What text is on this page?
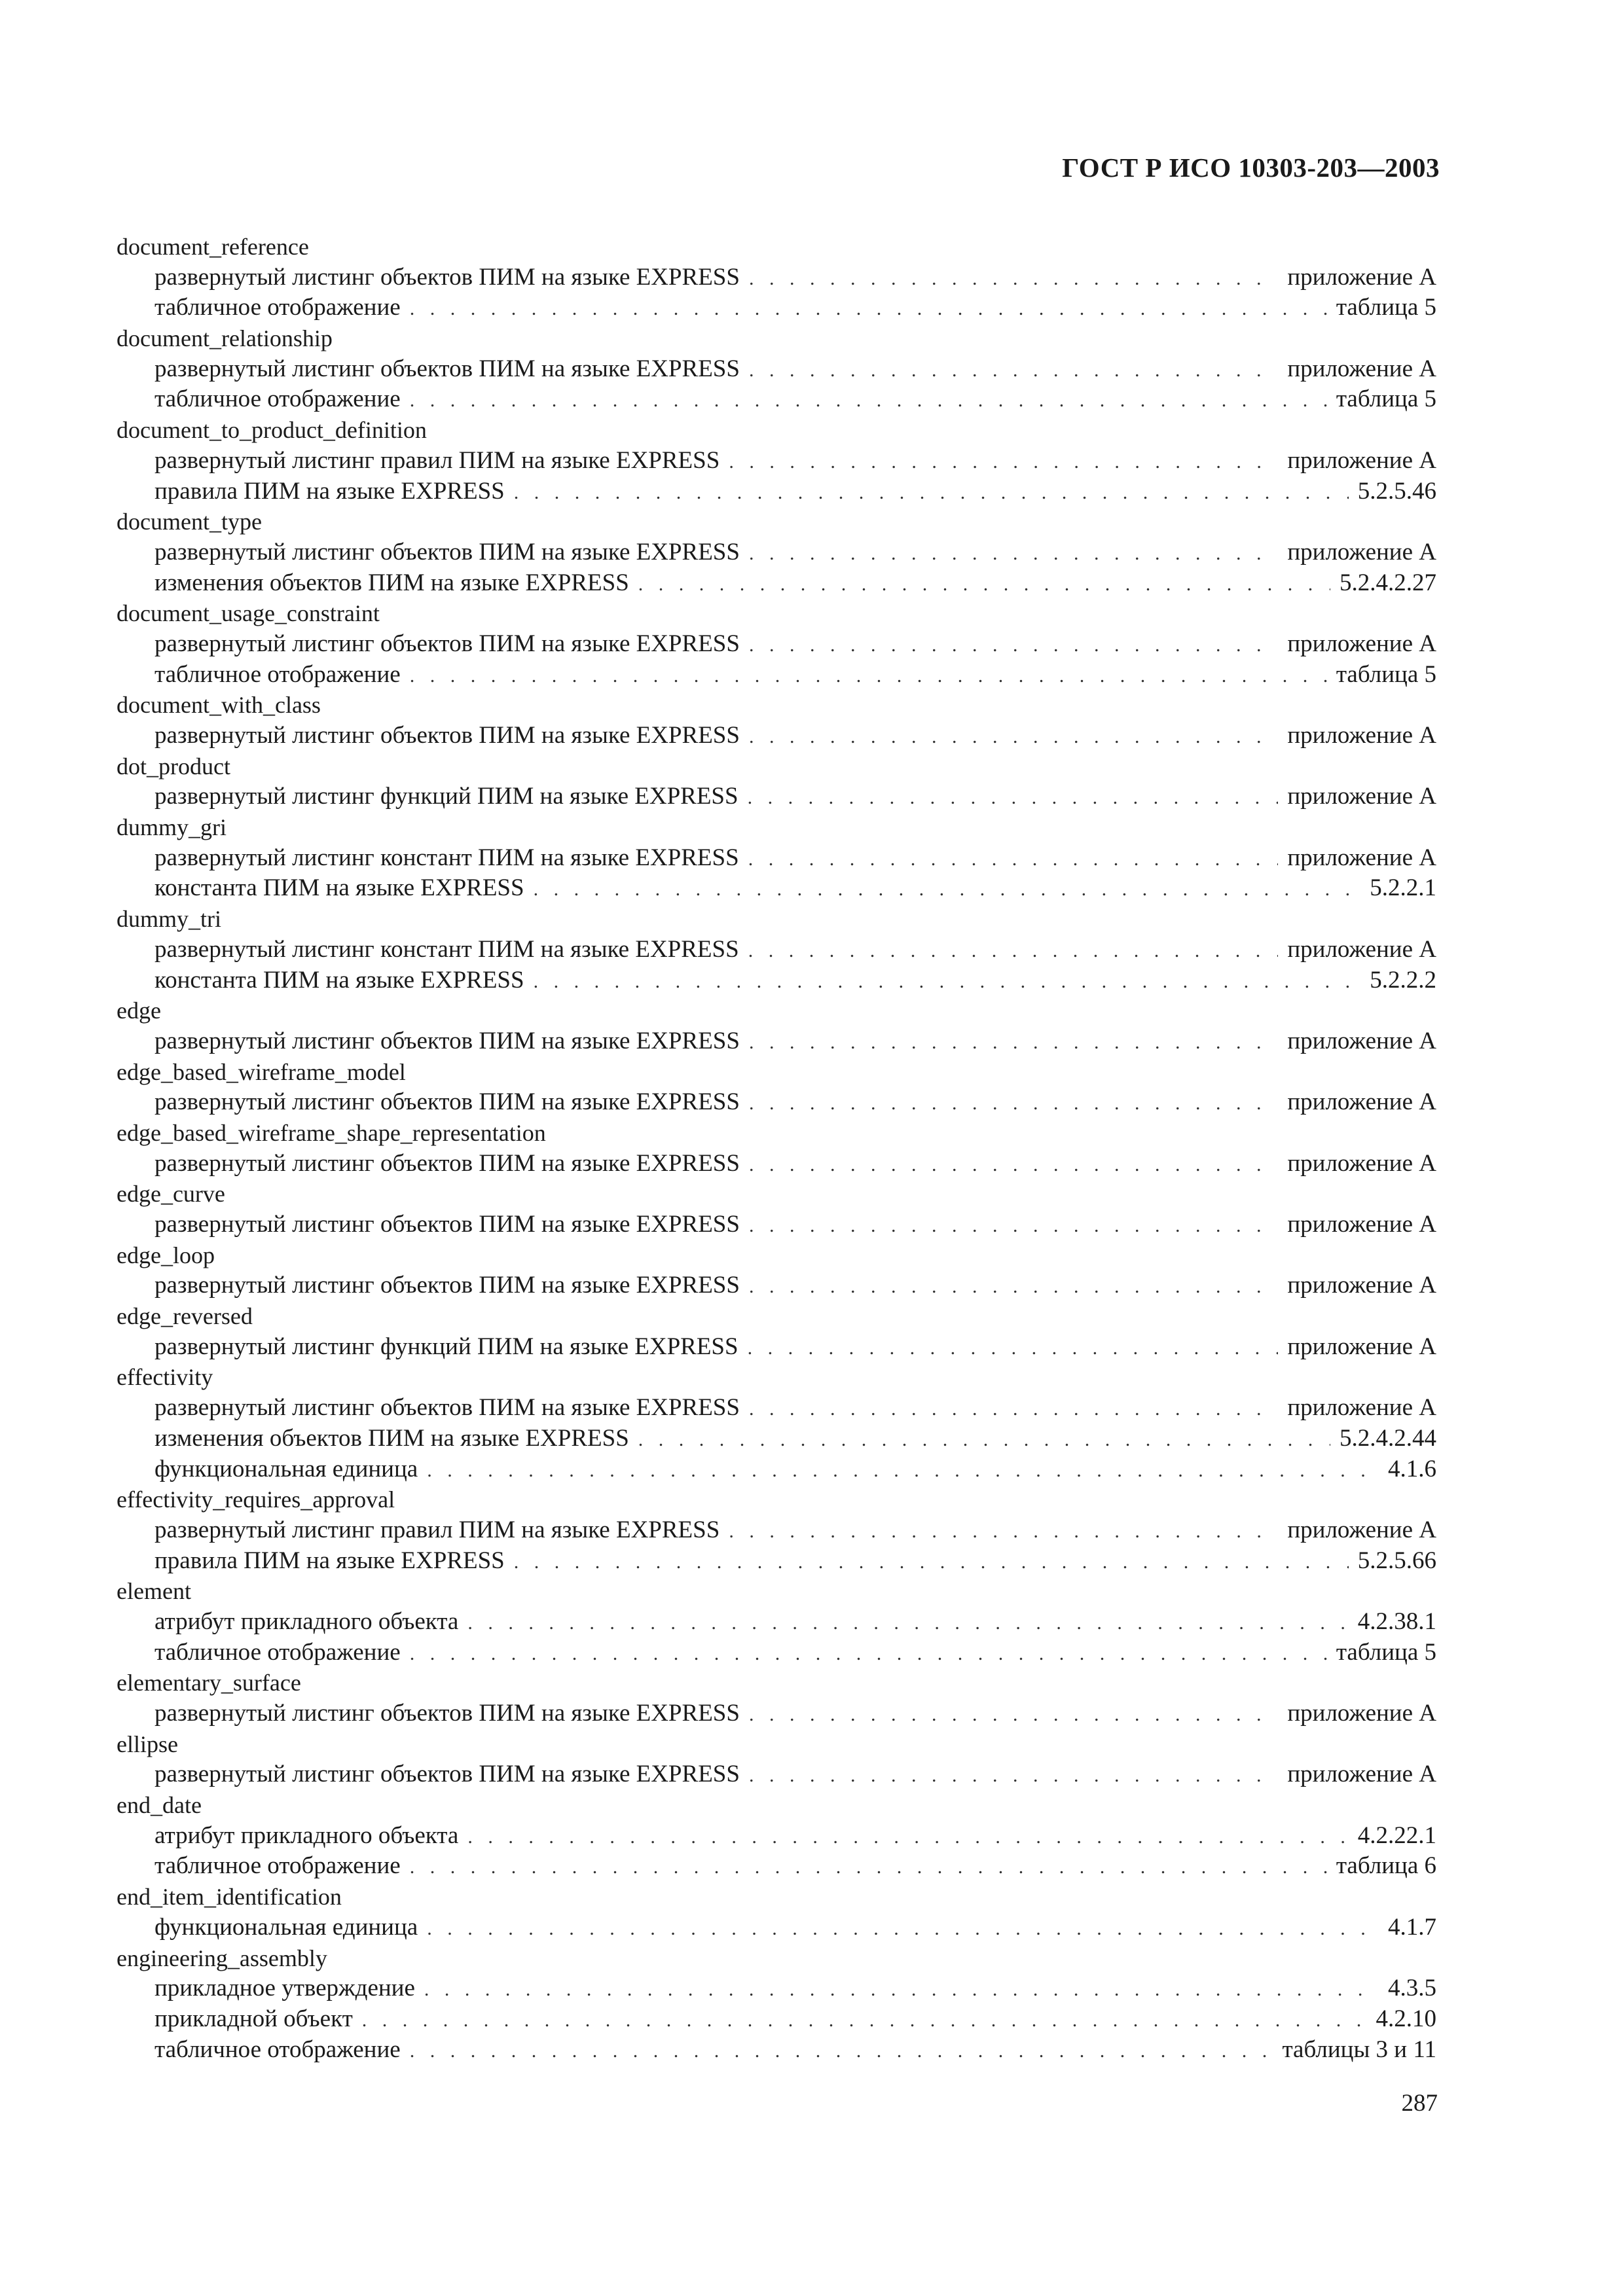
ГОСТ Р ИСО 10303-203—2003
document_reference
развернутый листинг объектов ПИМ на языке EXPRESS . . .	приложение А
табличное отображение . . .	таблица 5
document_relationship
развернутый листинг объектов ПИМ на языке EXPRESS . . .	приложение А
табличное отображение . . .	таблица 5
document_to_product_definition
развернутый листинг правил ПИМ на языке EXPRESS . . .	приложение А
правила ПИМ на языке EXPRESS . . .	5.2.5.46
document_type
развернутый листинг объектов ПИМ на языке EXPRESS . . .	приложение А
изменения объектов ПИМ на языке EXPRESS . . .	5.2.4.2.27
document_usage_constraint
развернутый листинг объектов ПИМ на языке EXPRESS . . .	приложение А
табличное отображение . . .	таблица 5
document_with_class
развернутый листинг объектов ПИМ на языке EXPRESS . . .	приложение А
dot_product
развернутый листинг функций ПИМ на языке EXPRESS . . .	приложение А
dummy_gri
развернутый листинг констант ПИМ на языке EXPRESS . . .	приложение А
константа ПИМ на языке EXPRESS . . .	5.2.2.1
dummy_tri
развернутый листинг констант ПИМ на языке EXPRESS . . .	приложение А
константа ПИМ на языке EXPRESS . . .	5.2.2.2
edge
развернутый листинг объектов ПИМ на языке EXPRESS . . .	приложение А
edge_based_wireframe_model
развернутый листинг объектов ПИМ на языке EXPRESS . . .	приложение А
edge_based_wireframe_shape_representation
развернутый листинг объектов ПИМ на языке EXPRESS . . .	приложение А
edge_curve
развернутый листинг объектов ПИМ на языке EXPRESS . . .	приложение А
edge_loop
развернутый листинг объектов ПИМ на языке EXPRESS . . .	приложение А
edge_reversed
развернутый листинг функций ПИМ на языке EXPRESS . . .	приложение А
effectivity
развернутый листинг объектов ПИМ на языке EXPRESS . . .	приложение А
изменения объектов ПИМ на языке EXPRESS . . .	5.2.4.2.44
функциональная единица . . .	4.1.6
effectivity_requires_approval
развернутый листинг правил ПИМ на языке EXPRESS . . .	приложение А
правила ПИМ на языке EXPRESS . . .	5.2.5.66
element
атрибут прикладного объекта . . .	4.2.38.1
табличное отображение . . .	таблица 5
elementary_surface
развернутый листинг объектов ПИМ на языке EXPRESS . . .	приложение А
ellipse
развернутый листинг объектов ПИМ на языке EXPRESS . . .	приложение А
end_date
атрибут прикладного объекта . . .	4.2.22.1
табличное отображение . . .	таблица 6
end_item_identification
функциональная единица . . .	4.1.7
engineering_assembly
прикладное утверждение . . .	4.3.5
прикладной объект . . .	4.2.10
табличное отображение . . .	таблицы 3 и 11
287
